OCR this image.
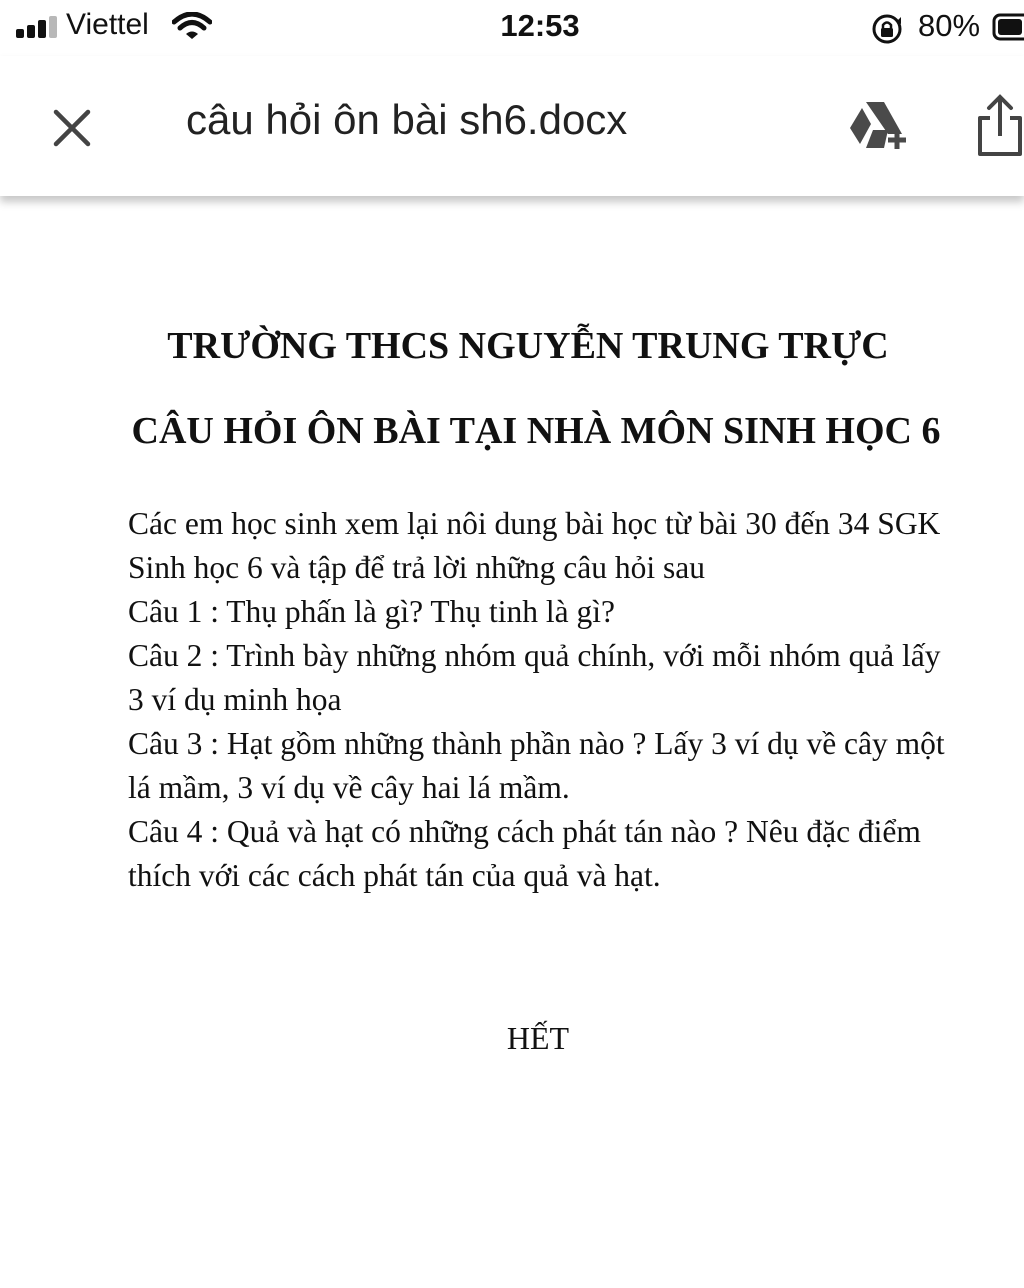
Viettel	12:53	80%
câu hỏi ôn bài sh6.docx
TRƯỜNG THCS NGUYỄN TRUNG TRỰC
CÂU HỎI ÔN BÀI TẠI NHÀ MÔN SINH HỌC 6

Các em học sinh xem lại nôi dung bài học từ bài 30 đến 34 SGK Sinh học 6 và tập để trả lời những câu hỏi sau

Câu 1 : Thụ phấn là gì? Thụ tinh là gì?

Câu 2 : Trình bày những nhóm quả chính, với mỗi nhóm quả lấy 3 ví dụ minh họa

Câu 3 : Hạt gồm những thành phần nào ? Lấy 3 ví dụ về cây một lá mầm, 3 ví dụ về cây hai lá mầm.

Câu 4 : Quả và hạt có những cách phát tán nào ? Nêu đặc điểm thích với các cách phát tán của quả và hạt.

HẾT
